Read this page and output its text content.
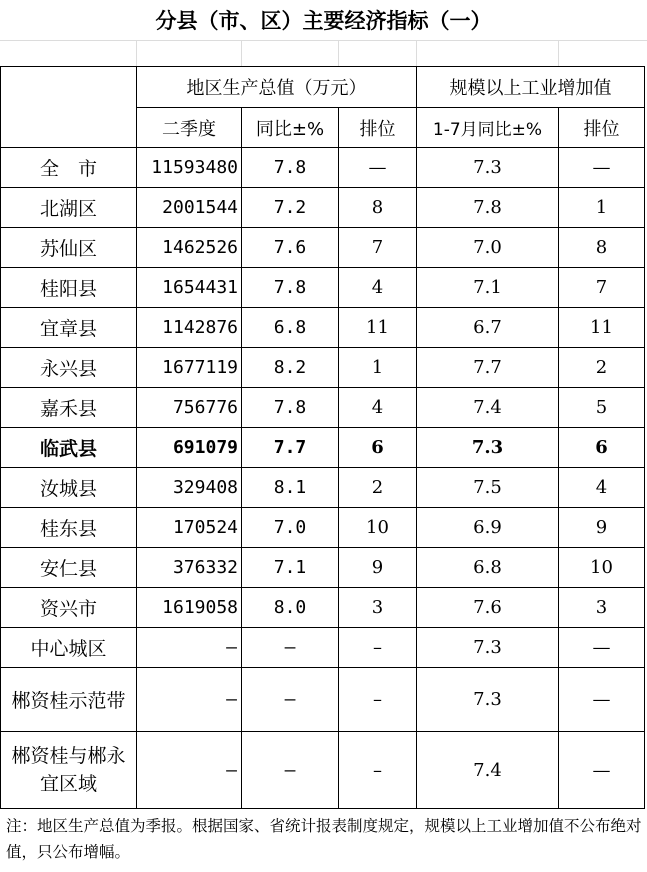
分县（市、区）主要经济指标（一）
	地区生产总值（万元）			规模以上工业增加值	
	二季度	同比±%	排位	1-7月同比±%	排位
全　市	11593480	7.8	—	7.3	—
北湖区	2001544	7.2	8	7.8	1
苏仙区	1462526	7.6	7	7.0	8
桂阳县	1654431	7.8	4	7.1	7
宜章县	1142876	6.8	11	6.7	11
永兴县	1677119	8.2	1	7.7	2
嘉禾县	756776	7.8	4	7.4	5
临武县	691079	7.7	6	7.3	6
汝城县	329408	8.1	2	7.5	4
桂东县	170524	7.0	10	6.9	9
安仁县	376332	7.1	9	6.8	10
资兴市	1619058	8.0	3	7.6	3
中心城区	–	–	–	7.3	—
郴资桂示范带	–	–	–	7.3	—
郴资桂与郴永宜区域	–	–	–	7.4	—
注：地区生产总值为季报。根据国家、省统计报表制度规定，规模以上工业增加值不公布绝对值，只公布增幅。
